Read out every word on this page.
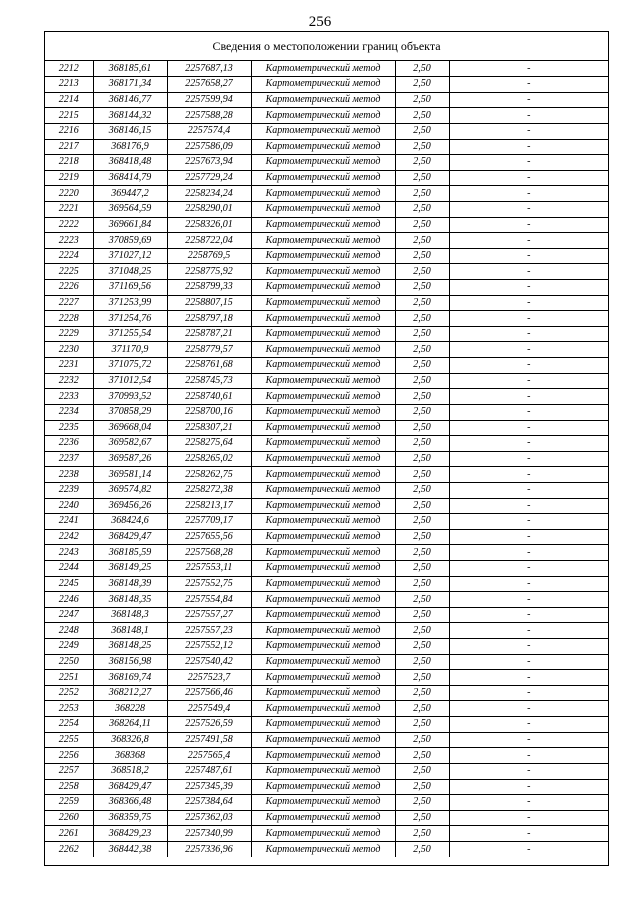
256
Сведения о местоположении границ объекта
2212	368185,61	2257687,13	Картометрический метод	2,50	-
2213	368171,34	2257658,27	Картометрический метод	2,50	-
2214	368146,77	2257599,94	Картометрический метод	2,50	-
2215	368144,32	2257588,28	Картометрический метод	2,50	-
2216	368146,15	2257574,4	Картометрический метод	2,50	-
2217	368176,9	2257586,09	Картометрический метод	2,50	-
2218	368418,48	2257673,94	Картометрический метод	2,50	-
2219	368414,79	2257729,24	Картометрический метод	2,50	-
2220	369447,2	2258234,24	Картометрический метод	2,50	-
2221	369564,59	2258290,01	Картометрический метод	2,50	-
2222	369661,84	2258326,01	Картометрический метод	2,50	-
2223	370859,69	2258722,04	Картометрический метод	2,50	-
2224	371027,12	2258769,5	Картометрический метод	2,50	-
2225	371048,25	2258775,92	Картометрический метод	2,50	-
2226	371169,56	2258799,33	Картометрический метод	2,50	-
2227	371253,99	2258807,15	Картометрический метод	2,50	-
2228	371254,76	2258797,18	Картометрический метод	2,50	-
2229	371255,54	2258787,21	Картометрический метод	2,50	-
2230	371170,9	2258779,57	Картометрический метод	2,50	-
2231	371075,72	2258761,68	Картометрический метод	2,50	-
2232	371012,54	2258745,73	Картометрический метод	2,50	-
2233	370993,52	2258740,61	Картометрический метод	2,50	-
2234	370858,29	2258700,16	Картометрический метод	2,50	-
2235	369668,04	2258307,21	Картометрический метод	2,50	-
2236	369582,67	2258275,64	Картометрический метод	2,50	-
2237	369587,26	2258265,02	Картометрический метод	2,50	-
2238	369581,14	2258262,75	Картометрический метод	2,50	-
2239	369574,82	2258272,38	Картометрический метод	2,50	-
2240	369456,26	2258213,17	Картометрический метод	2,50	-
2241	368424,6	2257709,17	Картометрический метод	2,50	-
2242	368429,47	2257655,56	Картометрический метод	2,50	-
2243	368185,59	2257568,28	Картометрический метод	2,50	-
2244	368149,25	2257553,11	Картометрический метод	2,50	-
2245	368148,39	2257552,75	Картометрический метод	2,50	-
2246	368148,35	2257554,84	Картометрический метод	2,50	-
2247	368148,3	2257557,27	Картометрический метод	2,50	-
2248	368148,1	2257557,23	Картометрический метод	2,50	-
2249	368148,25	2257552,12	Картометрический метод	2,50	-
2250	368156,98	2257540,42	Картометрический метод	2,50	-
2251	368169,74	2257523,7	Картометрический метод	2,50	-
2252	368212,27	2257566,46	Картометрический метод	2,50	-
2253	368228	2257549,4	Картометрический метод	2,50	-
2254	368264,11	2257526,59	Картометрический метод	2,50	-
2255	368326,8	2257491,58	Картометрический метод	2,50	-
2256	368368	2257565,4	Картометрический метод	2,50	-
2257	368518,2	2257487,61	Картометрический метод	2,50	-
2258	368429,47	2257345,39	Картометрический метод	2,50	-
2259	368366,48	2257384,64	Картометрический метод	2,50	-
2260	368359,75	2257362,03	Картометрический метод	2,50	-
2261	368429,23	2257340,99	Картометрический метод	2,50	-
2262	368442,38	2257336,96	Картометрический метод	2,50	-
